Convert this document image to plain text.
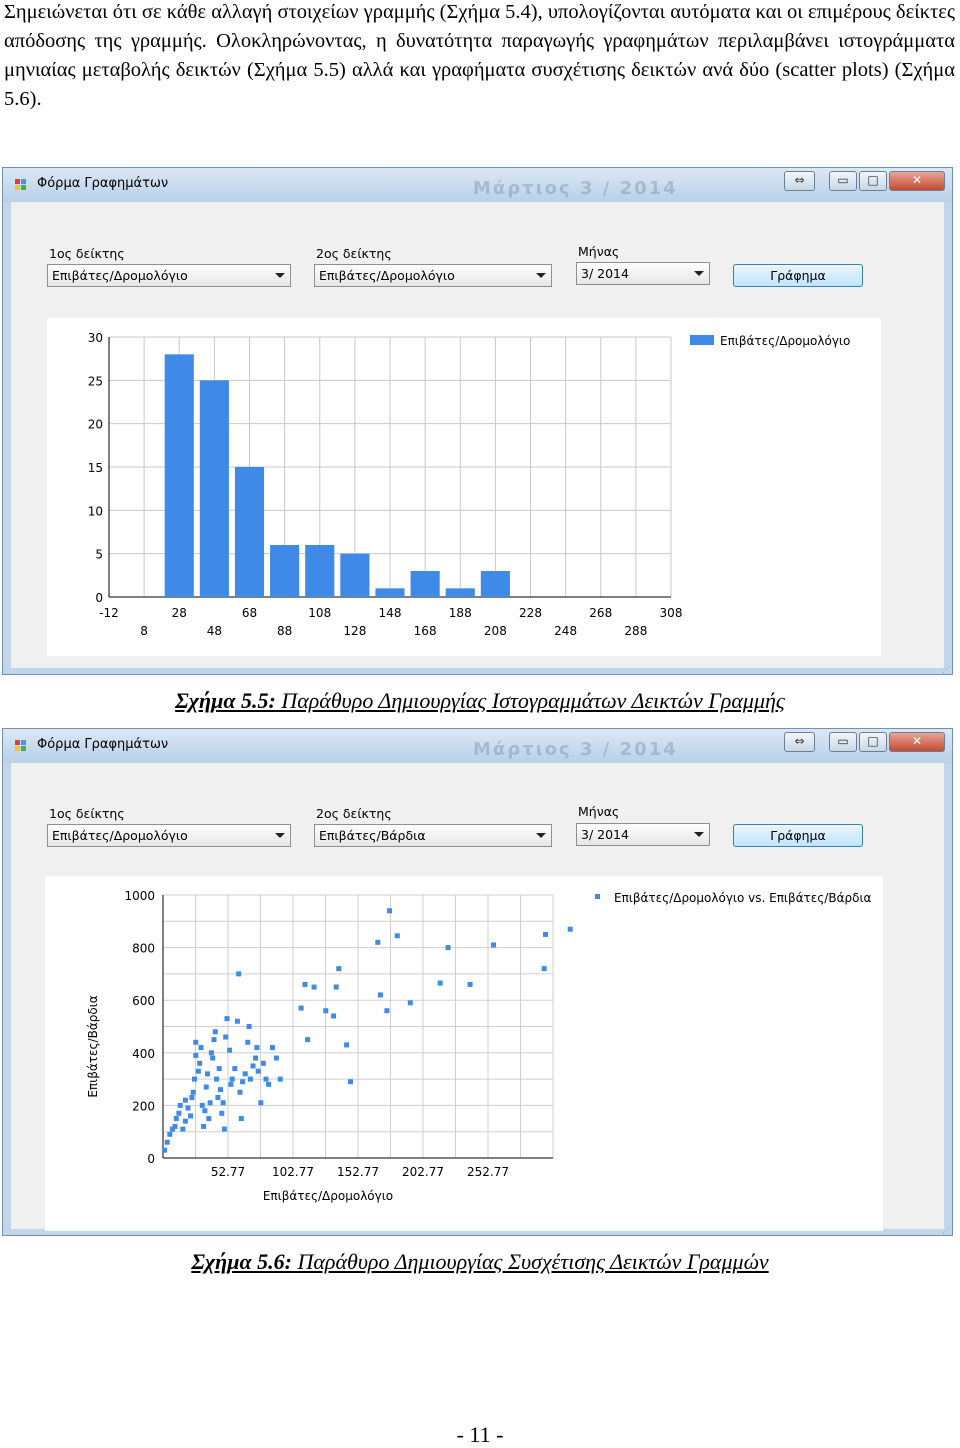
Σημειώνεται ότι σε κάθε αλλαγή στοιχείων γραμμής (Σχήμα 5.4), υπολογίζονται αυτόματα και οι επιμέρους δείκτες απόδοσης της γραμμής. Ολοκληρώνοντας, η δυνατότητα παραγωγής γραφημάτων περιλαμβάνει ιστογράμματα μηνιαίας μεταβολής δεικτών (Σχήμα 5.5) αλλά και γραφήματα συσχέτισης δεικτών ανά δύο (scatter plots) (Σχήμα 5.6).

Φόρμα Γραφημάτων	Μάρτιος 3 / 2014	⇔	▭	□	✕
1ος δείκτης
Επιβάτες/Δρομολόγιο
2ος δείκτης
Επιβάτες/Δρομολόγιο
Μήνας
3/ 2014	Γράφημα
0
5
10
15
20
25
30
-12	28	68	108	148	188	228	268	308
8	48	88	128	168	208	248	288
Επιβάτες/Δρομολόγιο
⋰
Σχήμα 5.5: Παράθυρο Δημιουργίας Ιστογραμμάτων Δεικτών Γραμμής
Φόρμα Γραφημάτων	Μάρτιος 3 / 2014	⇔	▭	□	✕
1ος δείκτης
Επιβάτες/Δρομολόγιο
2ος δείκτης
Επιβάτες/Βάρδια
Μήνας
3/ 2014	Γράφημα
0
200
400
600
800
1000
52.77 102.77 152.77 202.77 252.77
Επιβάτες/Δρομολόγιο
Επιβάτες/Βάρδια
Επιβάτες/Δρομολόγιο vs. Επιβάτες/Βάρδια
⋰
Σχήμα 5.6: Παράθυρο Δημιουργίας Συσχέτισης Δεικτών Γραμμών
- 11 -
